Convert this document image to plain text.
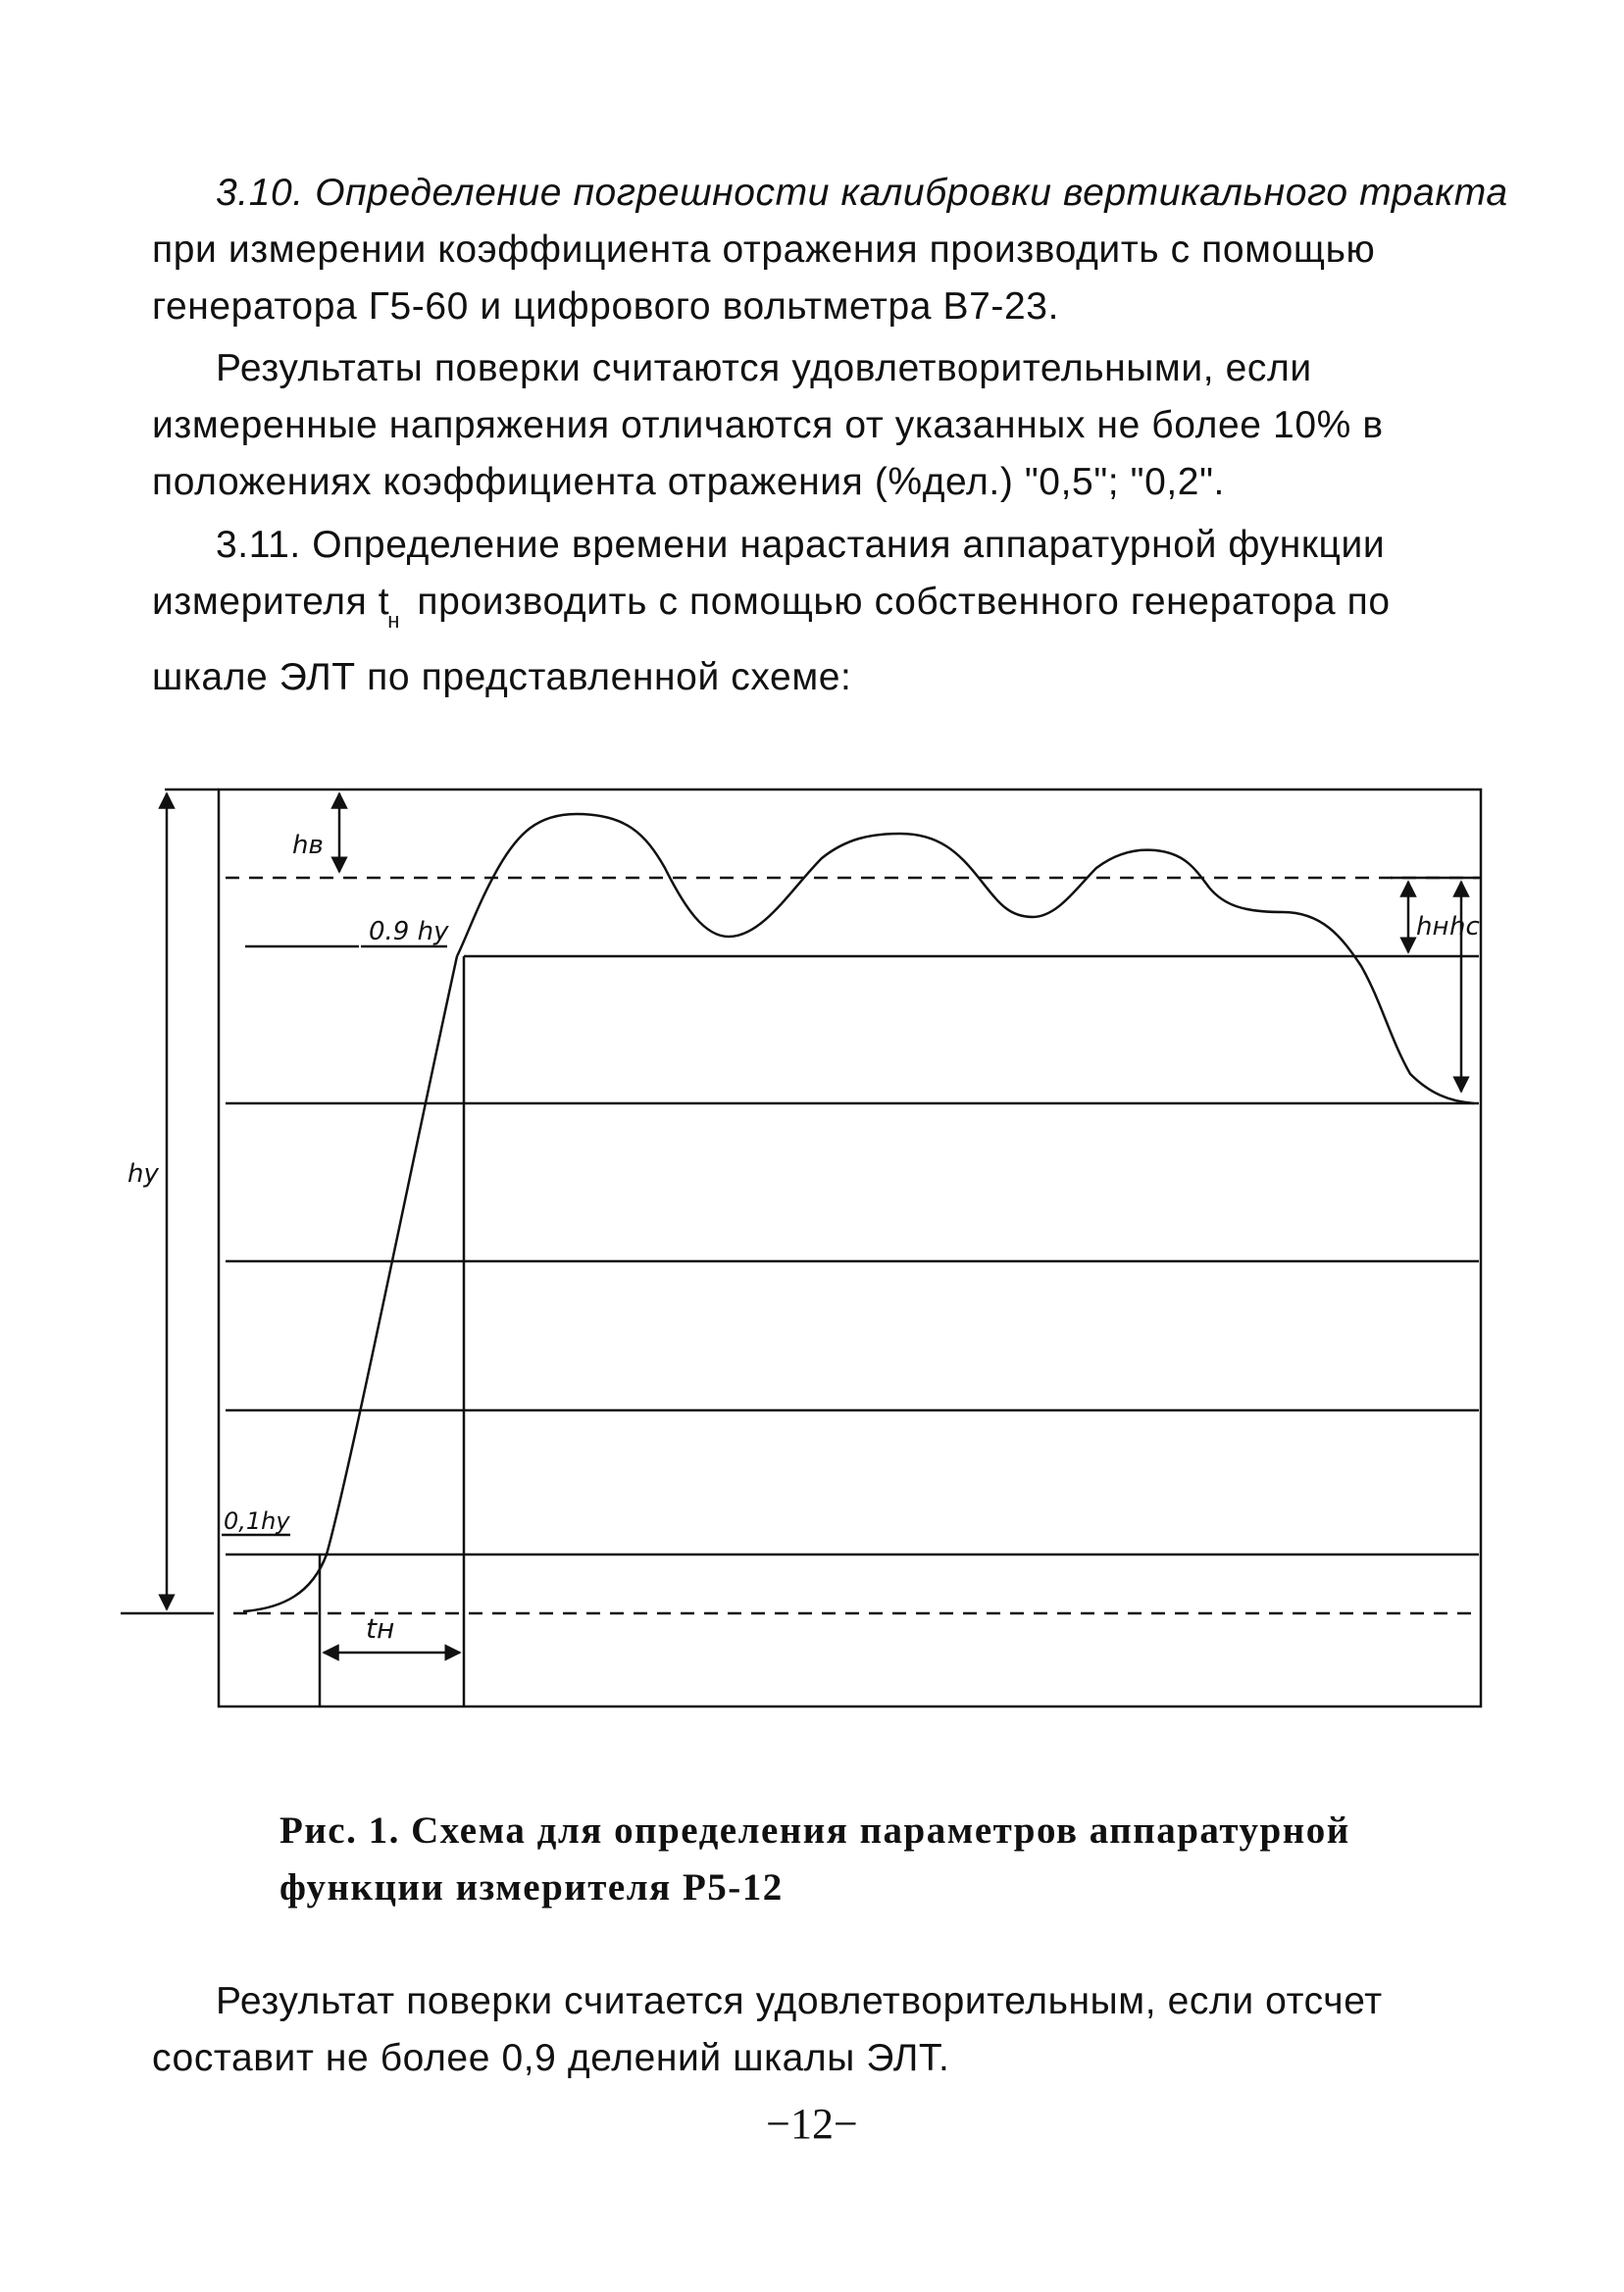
3.10. Определение погрешности калибровки вертикального тракта
при измерении коэффициента отражения производить с помощью
генератора Г5-60 и цифрового вольтметра В7-23.
Результаты поверки считаются удовлетворительными, если
измеренные напряжения отличаются от указанных не более 10% в
положениях коэффициента отражения (%дел.) "0,5"; "0,2".
3.11. Определение времени нарастания аппаратурной функции
измерителя $t_н$ производить с помощью собственного генератора по
шкале ЭЛТ по представленной схеме:
hв
0.9 hу	hн hc
hу
0,1hу
tн
Рис. 1. Схема для определения параметров аппаратурной
функции измерителя Р5-12
Результат поверки считается удовлетворительным, если отсчет
составит не более 0,9 делений шкалы ЭЛТ.
−12−
